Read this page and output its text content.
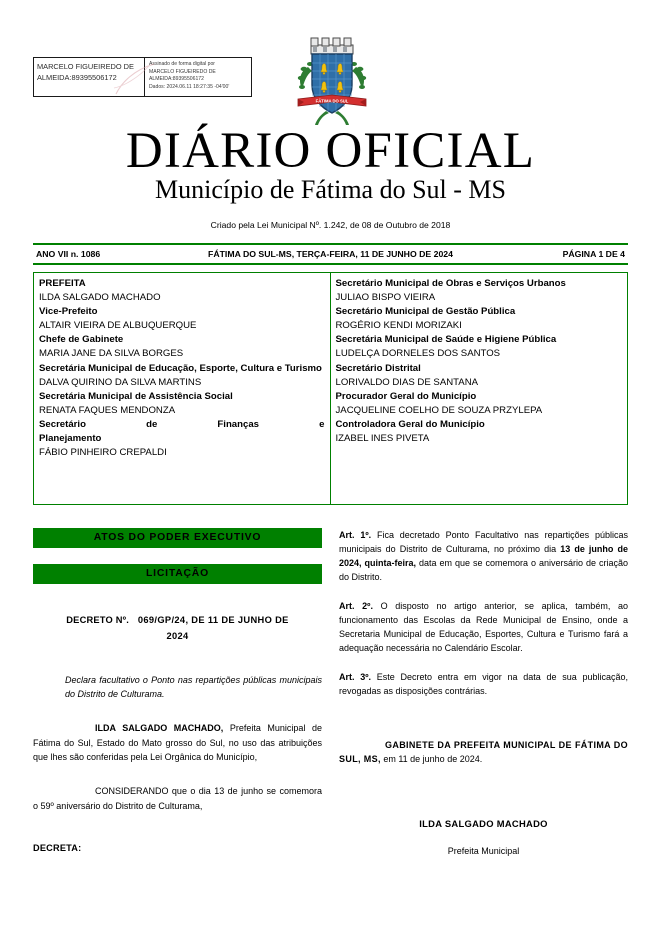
MARCELO FIGUEIREDO DE ALMEIDA:89395506172
Assinado de forma digital por
MARCELO FIGUEIREDO DE
ALMEIDA:89395506172
Dados: 2024.06.11 18:27:35 -04'00'
FÁTIMA DO SUL
DIÁRIO OFICIAL
Município de Fátima do Sul - MS
Criado pela Lei Municipal Nº. 1.242, de 08 de Outubro de 2018
ANO VII n. 1086	FÁTIMA DO SUL-MS, TERÇA-FEIRA, 11 DE JUNHO DE 2024	PÁGINA 1 DE 4
PREFEITA
ILDA SALGADO MACHADO
Vice-Prefeito
ALTAIR VIEIRA DE ALBUQUERQUE
Chefe de Gabinete
MARIA JANE DA SILVA BORGES
Secretária Municipal de Educação, Esporte, Cultura e Turismo
DALVA QUIRINO DA SILVA MARTINS
Secretária Municipal de Assistência Social
RENATA FAQUES MENDONZA
Secretário de Finanças e
Planejamento
FÁBIO PINHEIRO CREPALDI
Secretário Municipal de Obras e Serviços Urbanos
JULIAO BISPO VIEIRA
Secretário Municipal de Gestão Pública
ROGÉRIO KENDI MORIZAKI
Secretária Municipal de Saúde e Higiene Pública
LUDELÇA DORNELES DOS SANTOS
Secretário Distrital
LORIVALDO DIAS DE SANTANA
Procurador Geral do Município
JACQUELINE COELHO DE SOUZA PRZYLEPA
Controladora Geral do Município
IZABEL INES PIVETA
ATOS DO PODER EXECUTIVO
LICITAÇÃO
DECRETO Nº. 069/GP/24, DE 11 DE JUNHO DE
2024
Declara facultativo o Ponto nas repartições públicas municipais do Distrito de Culturama.
ILDA SALGADO MACHADO, Prefeita Municipal de Fátima do Sul, Estado do Mato grosso do Sul, no uso das atribuições que lhes são conferidas pela Lei Orgânica do Município,
CONSIDERANDO que o dia 13 de junho se comemora o 59º aniversário do Distrito de Culturama,
DECRETA:
Art. 1º. Fica decretado Ponto Facultativo nas repartições públicas municipais do Distrito de Culturama, no próximo dia 13 de junho de 2024, quinta-feira, data em que se comemora o aniversário de criação do Distrito.
Art. 2º. O disposto no artigo anterior, se aplica, também, ao funcionamento das Escolas da Rede Municipal de Ensino, onde a Secretaria Municipal de Educação, Esportes, Cultura e Turismo fará a adequação necessária no Calendário Escolar.
Art. 3º. Este Decreto entra em vigor na data de sua publicação, revogadas as disposições contrárias.
GABINETE DA PREFEITA MUNICIPAL DE FÁTIMA DO SUL, MS, em 11 de junho de 2024.
ILDA SALGADO MACHADO
Prefeita Municipal
